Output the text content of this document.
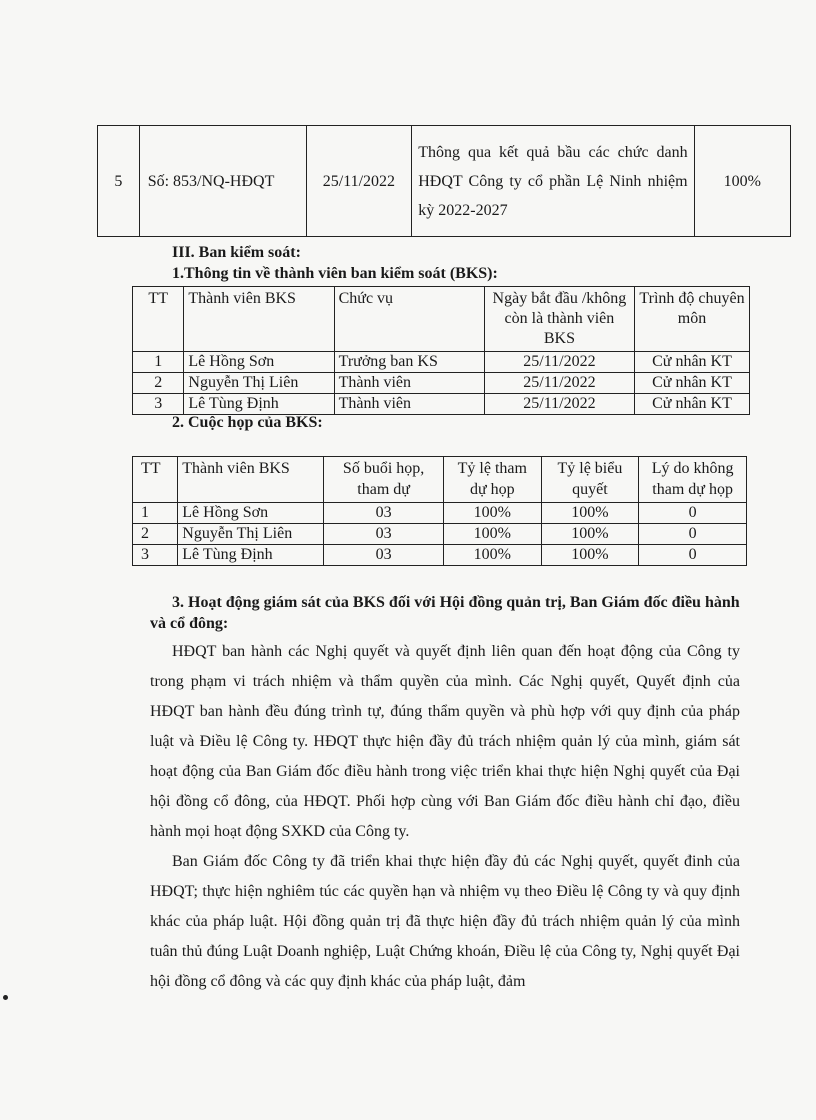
5	Số: 853/NQ-HĐQT	25/11/2022	Thông qua kết quả bầu các chức danh HĐQT Công ty cổ phần Lệ Ninh nhiệm kỳ 2022-2027	100%
III. Ban kiểm soát:
1.Thông tin về thành viên ban kiểm soát (BKS):
TT	Thành viên BKS	Chức vụ	Ngày bắt đầu /không còn là thành viên BKS	Trình độ chuyên môn
1	Lê Hồng Sơn	Trưởng ban KS	25/11/2022	Cử nhân KT
2	Nguyễn Thị Liên	Thành viên	25/11/2022	Cử nhân KT
3	Lê Tùng Định	Thành viên	25/11/2022	Cử nhân KT
2. Cuộc họp của BKS:
TT	Thành viên BKS	Số buổi họp, tham dự	Tỷ lệ tham dự họp	Tỷ lệ biểu quyết	Lý do không tham dự họp
1	Lê Hồng Sơn	03	100%	100%	0
2	Nguyễn Thị Liên	03	100%	100%	0
3	Lê Tùng Định	03	100%	100%	0
3. Hoạt động giám sát của BKS đối với Hội đồng quản trị, Ban Giám đốc điều hành và cổ đông:
HĐQT ban hành các Nghị quyết và quyết định liên quan đến hoạt động của Công ty trong phạm vi trách nhiệm và thẩm quyền của mình. Các Nghị quyết, Quyết định của HĐQT ban hành đều đúng trình tự, đúng thẩm quyền và phù hợp với quy định của pháp luật và Điều lệ Công ty. HĐQT thực hiện đầy đủ trách nhiệm quản lý của mình, giám sát hoạt động của Ban Giám đốc điều hành trong việc triển khai thực hiện Nghị quyết của Đại hội đồng cổ đông, của HĐQT. Phối hợp cùng với Ban Giám đốc điều hành chỉ đạo, điều hành mọi hoạt động SXKD của Công ty.
Ban Giám đốc Công ty đã triển khai thực hiện đầy đủ các Nghị quyết, quyết đinh của HĐQT; thực hiện nghiêm túc các quyền hạn và nhiệm vụ theo Điều lệ Công ty và quy định khác của pháp luật. Hội đồng quản trị đã thực hiện đầy đủ trách nhiệm quản lý của mình tuân thủ đúng Luật Doanh nghiệp, Luật Chứng khoán, Điều lệ của Công ty, Nghị quyết Đại hội đồng cổ đông và các quy định khác của pháp luật, đảm
